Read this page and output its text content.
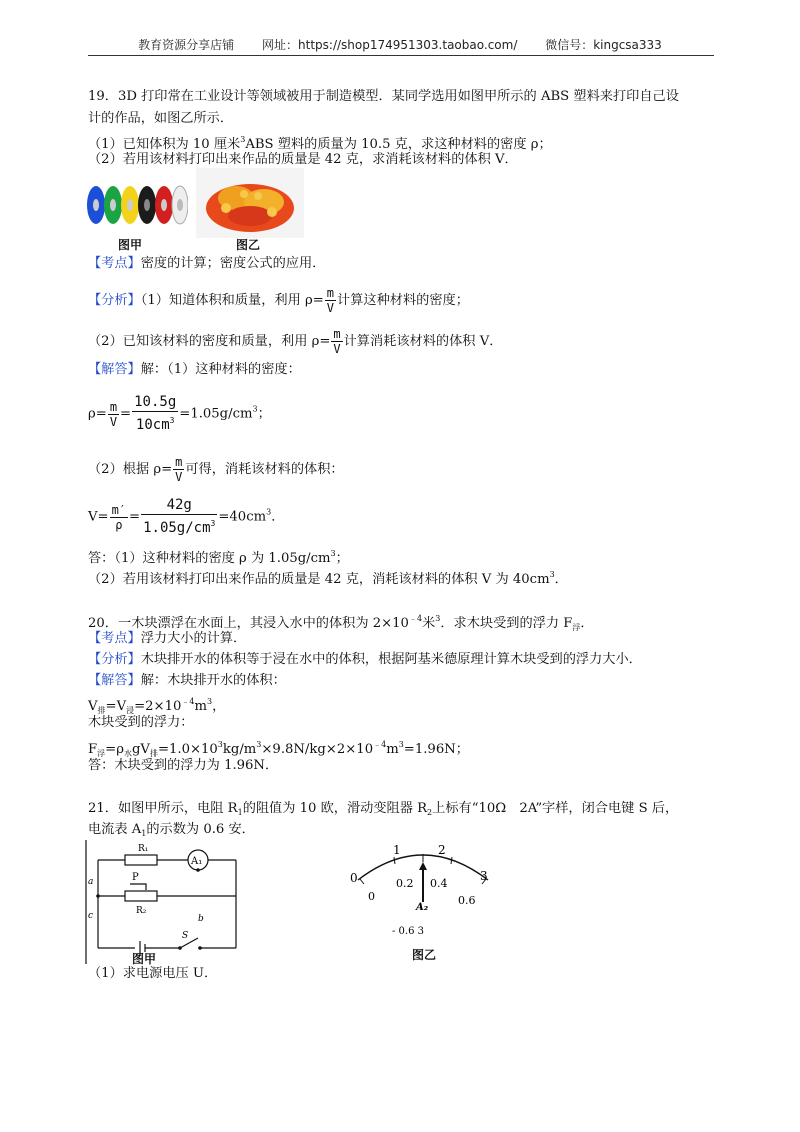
教育资源分享店铺 网址：https://shop174951303.taobao.com/ 微信号：kingcsa333
19．3D 打印常在工业设计等领域被用于制造模型．某同学选用如图甲所示的 ABS 塑料来打印自己设
计的作品，如图乙所示．
（1）已知体积为 10 厘米$^3$ABS 塑料的质量为 10.5 克，求这种材料的密度 ρ；
（2）若用该材料打印出来作品的质量是 42 克，求消耗该材料的体积 V．
图甲	图乙
【考点】密度的计算；密度公式的应用．
【分析】（1）知道体积和质量，利用 $\rho= \frac{m}{V}$ 计算这种材料的密度；
（2）已知该材料的密度和质量，利用 $\rho= \frac{m}{V}$ 计算消耗该材料的体积 V．
【解答】解：（1）这种材料的密度：
$\rho= \frac{m}{V} = \frac{10.5g}{10cm^3} =1.05g/cm^3$；
（2）根据 $\rho= \frac{m}{V}$ 可得，消耗该材料的体积：
$V= \frac{m'}{\rho} = \frac{42g}{1.05g/cm^3} =40cm^3$．
答：（1）这种材料的密度 ρ 为 $1.05g/cm^3$；
（2）若用该材料打印出来作品的质量是 42 克，消耗该材料的体积 V 为 $40cm^3$．
20．一木块漂浮在水面上，其浸入水中的体积为 $2\times 10^{﹣4}$米$^3$．求木块受到的浮力 $F_浮$．
【考点】浮力大小的计算．
【分析】木块排开水的体积等于浸在水中的体积，根据阿基米德原理计算木块受到的浮力大小．
【解答】解：木块排开水的体积：
$V_排=V_浸=2\times 10^{﹣4}m^3$，
木块受到的浮力：
$F_浮=\rho_水gV_排=1.0\times 10^3kg/m^3\times 9.8N/kg\times 2\times 10^{﹣4}m^3=1.96N$；
答：木块受到的浮力为 1.96N．
21．如图甲所示，电阻 $R_1$的阻值为 10 欧，滑动变阻器 $R_2$上标有“10Ω　2A”字样，闭合电键 S 后，
电流表 $A_1$的示数为 0.6 安．
R₁
A₁
P
R₂
a
b
c
S
图甲
0
1	2
3
0
0.2 0.4
0.6
A₂
- 0.6 3
图乙
（1）求电源电压 U．
